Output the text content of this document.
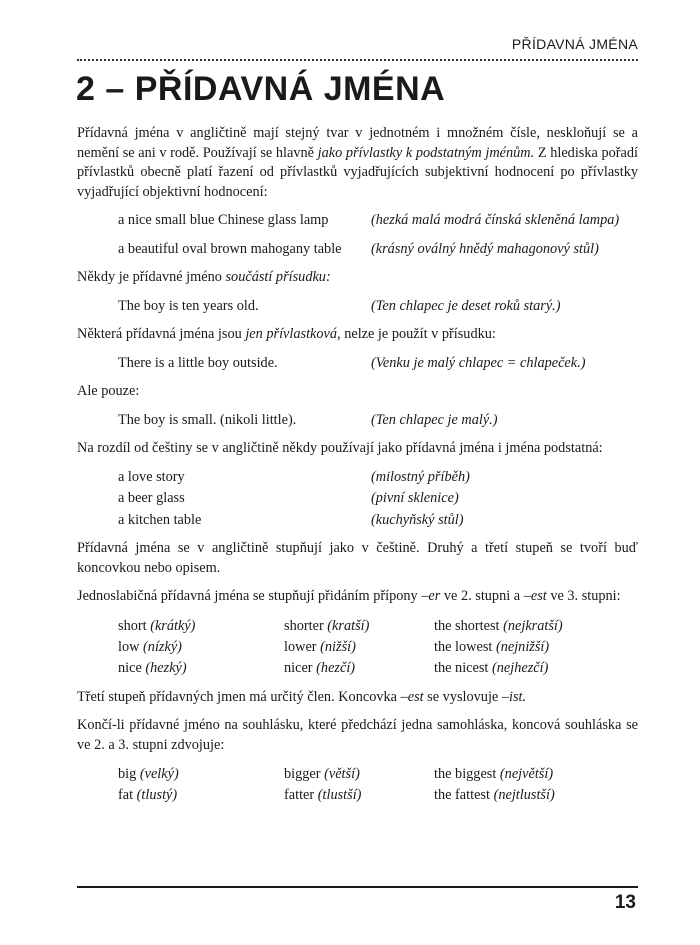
PŘÍDAVNÁ JMÉNA
2 – PŘÍDAVNÁ JMÉNA

Přídavná jména v angličtině mají stejný tvar v jednotném i množném čísle, neskloňují se a nemění se ani v rodě. Používají se hlavně jako přívlastky k podstatným jménům. Z hlediska pořadí přívlastků obecně platí řazení od přívlastků vyjadřujících subjektivní hodnocení po přívlastky vyjadřující objektivní hodnocení:

a nice small blue Chinese glass lamp	(hezká malá modrá čínská skleněná lampa)
a beautiful oval brown mahogany table	(krásný oválný hnědý mahagonový stůl)

Někdy je přídavné jméno součástí přísudku:

The boy is ten years old.	(Ten chlapec je deset roků starý.)

Některá přídavná jména jsou jen přívlastková, nelze je použít v přísudku:

There is a little boy outside.	(Venku je malý chlapec = chlapeček.)

Ale pouze:

The boy is small. (nikoli little).	(Ten chlapec je malý.)

Na rozdíl od češtiny se v angličtině někdy používají jako přídavná jména i jména podstatná:

a love story	(milostný příběh)
a beer glass	(pivní sklenice)
a kitchen table	(kuchyňský stůl)

Přídavná jména se v angličtině stupňují jako v češtině. Druhý a třetí stupeň se tvoří buď koncovkou nebo opisem.

Jednoslabičná přídavná jména se stupňují přidáním přípony –er ve 2. stupni a –est ve 3. stupni:

short (krátký)	shorter (kratší)	the shortest (nejkratší)
low (nízký)	lower (nižší)	the lowest (nejnižší)
nice (hezký)	nicer (hezčí)	the nicest (nejhezčí)

Třetí stupeň přídavných jmen má určitý člen. Koncovka –est se vyslovuje –ist.

Končí-li přídavné jméno na souhlásku, které předchází jedna samohláska, koncová souhláska se ve 2. a 3. stupni zdvojuje:

big (velký)	bigger (větší)	the biggest (největší)
fat (tlustý)	fatter (tlustší)	the fattest (nejtlustší)
13
